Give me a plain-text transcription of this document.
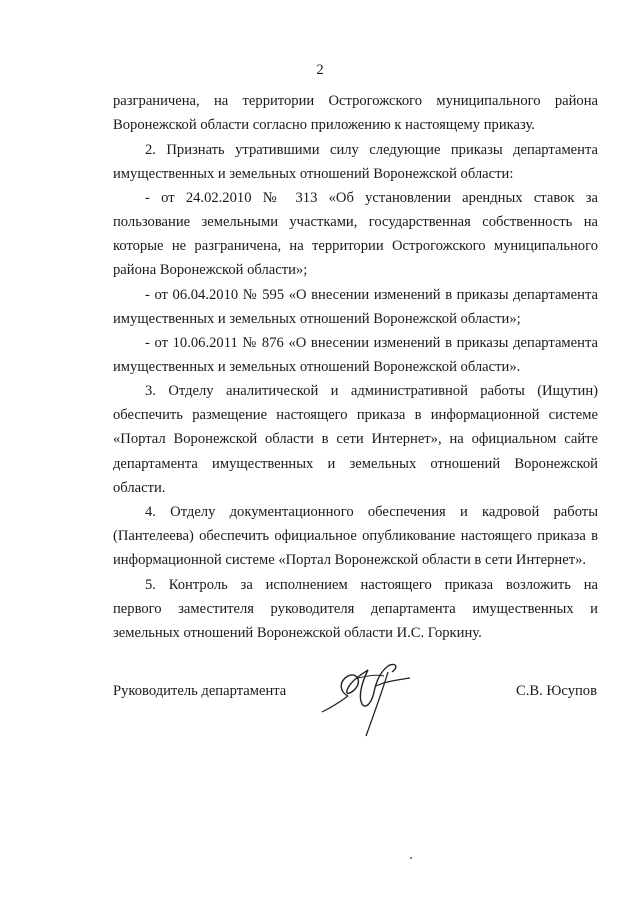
2
разграничена, на территории Острогожского муниципального района
Воронежской области согласно приложению к настоящему приказу.
2. Признать утратившими силу следующие приказы департамента
имущественных и земельных отношений Воронежской области:
- от 24.02.2010 № 313 «Об установлении арендных ставок за
пользование земельными участками, государственная собственность на
которые не разграничена, на территории Острогожского муниципального
района Воронежской области»;
- от 06.04.2010 № 595 «О внесении изменений в приказы департамента
имущественных и земельных отношений Воронежской области»;
- от 10.06.2011 № 876 «О внесении изменений в приказы департамента
имущественных и земельных отношений Воронежской области».
3. Отделу аналитической и административной работы (Ищутин)
обеспечить размещение настоящего приказа в информационной системе
«Портал Воронежской области в сети Интернет», на официальном сайте
департамента имущественных и земельных отношений Воронежской
области.
4. Отделу документационного обеспечения и кадровой работы
(Пантелеева) обеспечить официальное опубликование настоящего приказа в
информационной системе «Портал Воронежской области в сети Интернет».
5. Контроль за исполнением настоящего приказа возложить на
первого заместителя руководителя департамента имущественных и
земельных отношений Воронежской области И.С. Горкину.
Руководитель департамента	С.В. Юсупов
